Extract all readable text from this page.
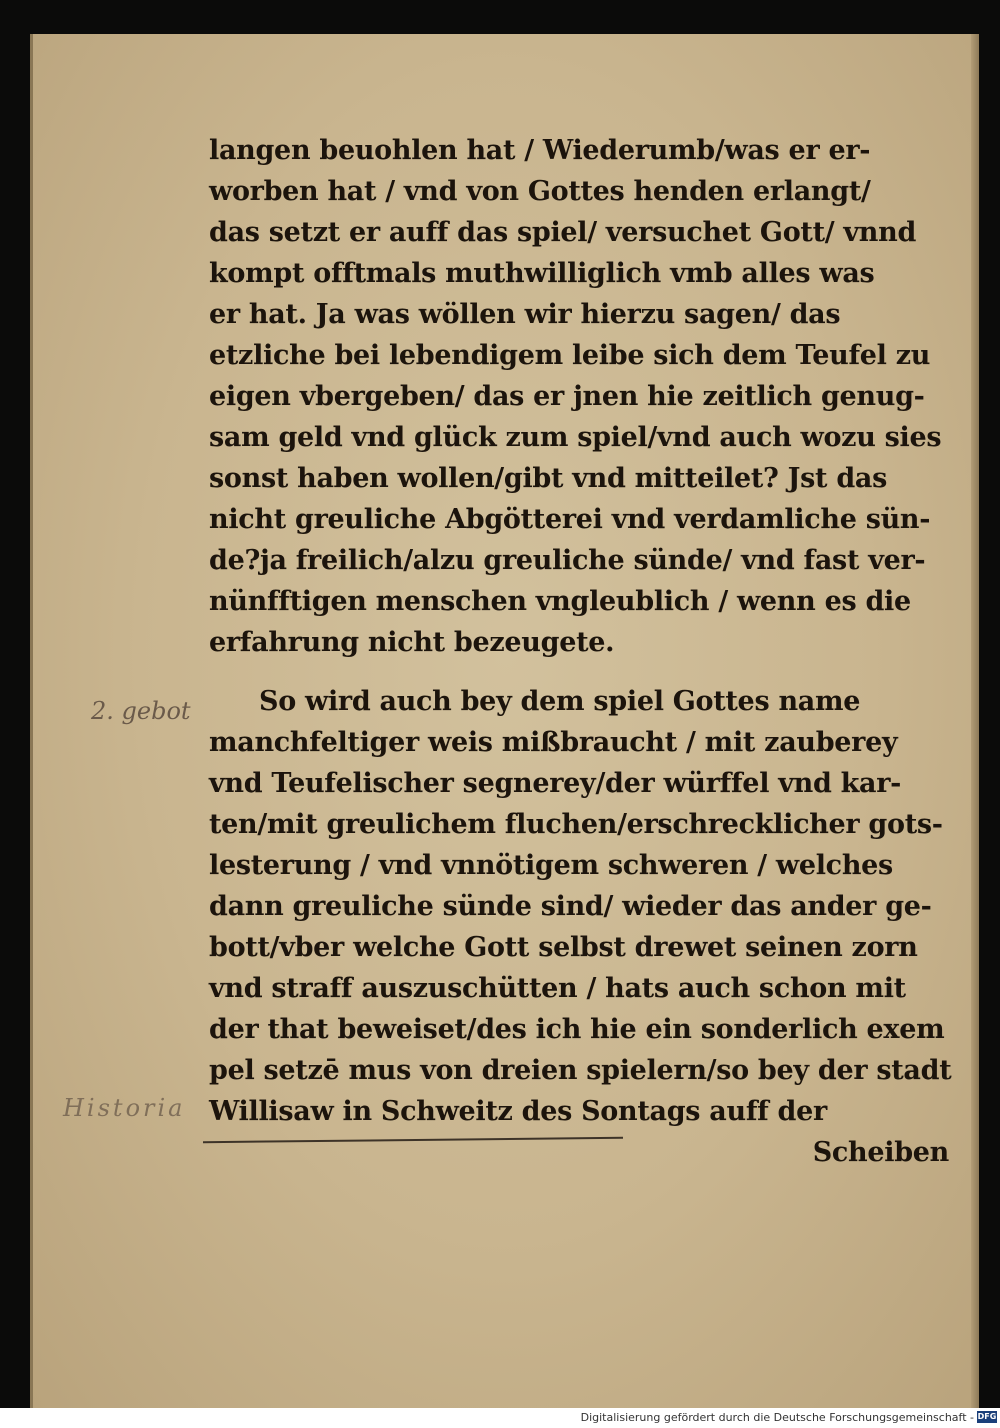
langen beuohlen hat / Wiederumb/was er er-
worben hat / vnd von Gottes henden erlangt/
das setzt er auff das spiel/ versuchet Gott/ vnnd
kompt offtmals muthwilliglich vmb alles was
er hat. Ja was wöllen wir hierzu sagen/ das
etzliche bei lebendigem leibe sich dem Teufel zu
eigen vbergeben/ das er jnen hie zeitlich genug-
sam geld vnd glück zum spiel/vnd auch wozu sies
sonst haben wollen/gibt vnd mitteilet? Jst das
nicht greuliche Abgötterei vnd verdamliche sün-
de?ja freilich/alzu greuliche sünde/ vnd fast ver-
nünfftigen menschen vngleublich / wenn es die
erfahrung nicht bezeugete.
2. gebot	So wird auch bey dem spiel Gottes name
manchfeltiger weis mißbraucht / mit zauberey
vnd Teufelischer segnerey/der würffel vnd kar-
ten/mit greulichem fluchen/erschrecklicher gots-
lesterung / vnd vnnötigem schweren / welches
dann greuliche sünde sind/ wieder das ander ge-
bott/vber welche Gott selbst drewet seinen zorn
vnd straff auszuschütten / hats auch schon mit
der that beweiset/des ich hie ein sonderlich exem
pel setzē mus von dreien spielern/so bey der stadt
Willisaw in Schweitz des Sontags auff der
Scheiben
Historia
Digitalisierung gefördert durch die Deutsche Forschungsgemeinschaft - DFG
